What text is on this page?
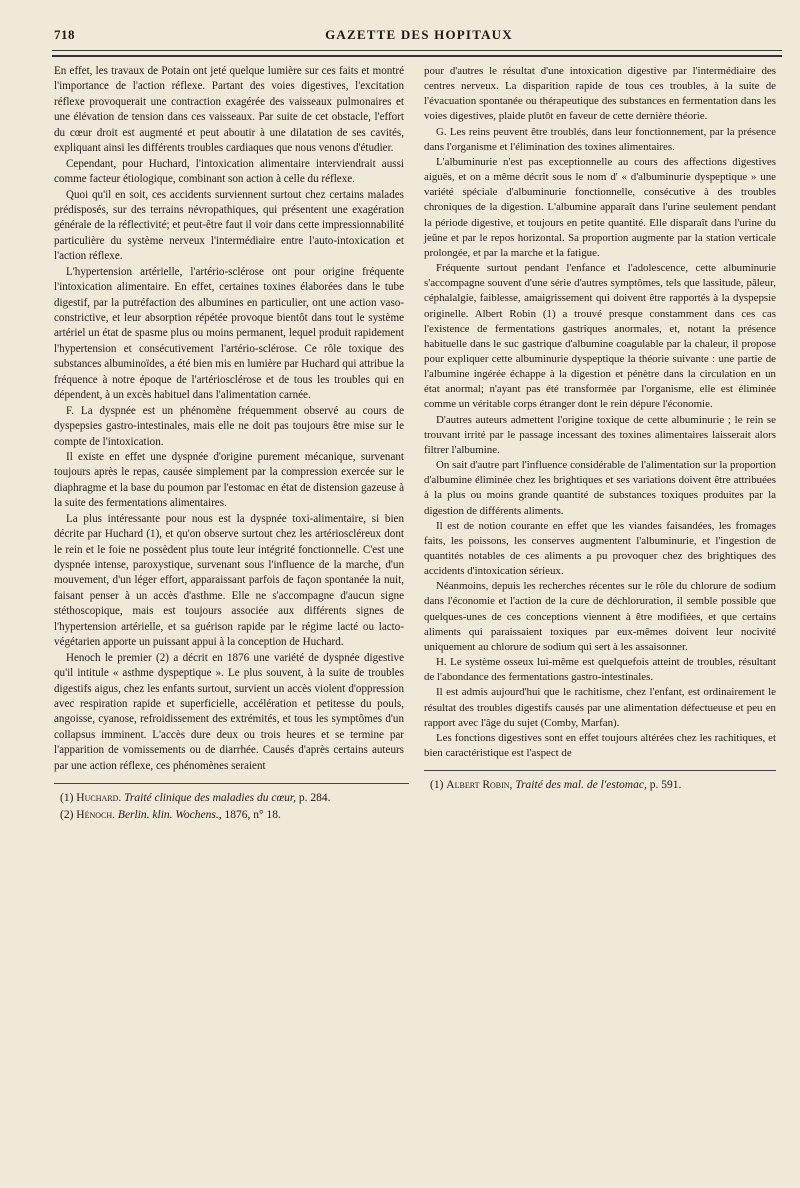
718	GAZETTE DES HOPITAUX

En effet, les travaux de Potain ont jeté quelque lumière sur ces faits et montré l'importance de l'action réflexe. Partant des voies digestives, l'excitation réflexe provoquerait une contraction exagérée des vaisseaux pulmonaires et une élévation de tension dans ces vaisseaux. Par suite de cet obstacle, l'effort du cœur droit est augmenté et peut aboutir à une dilatation de ses cavités, expliquant ainsi les différents troubles cardiaques que nous venons d'étudier.

Cependant, pour Huchard, l'intoxication alimentaire interviendrait aussi comme facteur étiologique, combinant son action à celle du réflexe.

Quoi qu'il en soit, ces accidents surviennent surtout chez certains malades prédisposés, sur des terrains névropathiques, qui présentent une exagération générale de la réflectivité; et peut-être faut il voir dans cette impressionnabilité particulière du système nerveux l'intermédiaire entre l'auto-intoxication et l'action réflexe.

L'hypertension artérielle, l'artério-sclérose ont pour origine fréquente l'intoxication alimentaire. En effet, certaines toxines élaborées dans le tube digestif, par la putréfaction des albumines en particulier, ont une action vaso-constrictive, et leur absorption répétée provoque bientôt dans tout le système artériel un état de spasme plus ou moins permanent, lequel produit rapidement l'hypertension et consécutivement l'artério-sclérose. Ce rôle toxique des substances albuminoïdes, a été bien mis en lumière par Huchard qui attribue la fréquence à notre époque de l'artériosclérose et de tous les troubles qui en dépendent, à un excès habituel dans l'alimentation carnée.

F. La dyspnée est un phénomène fréquemment observé au cours de dyspepsies gastro-intestinales, mais elle ne doit pas toujours être mise sur le compte de l'intoxication.

Il existe en effet une dyspnée d'origine purement mécanique, survenant toujours après le repas, causée simplement par la compression exercée sur le diaphragme et la base du poumon par l'estomac en état de distension gazeuse à la suite des fermentations alimentaires.

La plus intéressante pour nous est la dyspnée toxi-alimentaire, si bien décrite par Huchard (1), et qu'on observe surtout chez les artérioscléreux dont le rein et le foie ne possèdent plus toute leur intégrité fonctionnelle. C'est une dyspnée intense, paroxystique, survenant sous l'influence de la marche, d'un mouvement, d'un léger effort, apparaissant parfois de façon spontanée la nuit, faisant penser à un accès d'asthme. Elle ne s'accompagne d'aucun signe stéthoscopique, mais est toujours associée aux différents signes de l'hypertension artérielle, et sa guérison rapide par le régime lacté ou lacto-végétarien apporte un puissant appui à la conception de Huchard.

Henoch le premier (2) a décrit en 1876 une variété de dyspnée digestive qu'il intitule « asthme dyspeptique ». Le plus souvent, à la suite de troubles digestifs aigus, chez les enfants surtout, survient un accès violent d'oppression avec respiration rapide et superficielle, accélération et petitesse du pouls, angoisse, cyanose, refroidissement des extrémités, et tous les symptômes d'un collapsus imminent. L'accès dure deux ou trois heures et se termine par l'apparition de vomissements ou de diarrhée. Causés d'après certains auteurs par une action réflexe, ces phénomènes seraient

(1) Huchard. Traité clinique des maladies du cœur, p. 284.
(2) Hénoch. Berlin. klin. Wochens., 1876, n° 18.

pour d'autres le résultat d'une intoxication digestive par l'intermédiaire des centres nerveux. La disparition rapide de tous ces troubles, à la suite de l'évacuation spontanée ou thérapeutique des substances en fermentation dans les voies digestives, plaide plutôt en faveur de cette dernière théorie.

G. Les reins peuvent être troublés, dans leur fonctionnement, par la présence dans l'organisme et l'élimination des toxines alimentaires.

L'albuminurie n'est pas exceptionnelle au cours des affections digestives aiguës, et on a même décrit sous le nom d' « d'albuminurie dyspeptique » une variété spéciale d'albuminurie fonctionnelle, consécutive à des troubles chroniques de la digestion. L'albumine apparaît dans l'urine seulement pendant la période digestive, et toujours en petite quantité. Elle disparaît dans l'urine du jeûne et par le repos horizontal. Sa proportion augmente par la station verticale prolongée, et par la marche et la fatigue.

Fréquente surtout pendant l'enfance et l'adolescence, cette albuminurie s'accompagne souvent d'une série d'autres symptômes, tels que lassitude, pâleur, céphalalgie, faiblesse, amaigrissement qui doivent être rapportés à la dyspepsie originelle. Albert Robin (1) a trouvé presque constamment dans ces cas l'existence de fermentations gastriques anormales, et, notant la présence habituelle dans le suc gastrique d'albumine coagulable par la chaleur, il propose pour expliquer cette albuminurie dyspeptique la théorie suivante : une partie de l'albumine ingérée échappe à la digestion et pénètre dans la circulation en un état anormal; n'ayant pas été transformée par l'organisme, elle est éliminée comme un véritable corps étranger dont le rein dépure l'économie.

D'autres auteurs admettent l'origine toxique de cette albuminurie ; le rein se trouvant irrité par le passage incessant des toxines alimentaires laisserait alors filtrer l'albumine.

On sait d'autre part l'influence considérable de l'alimentation sur la proportion d'albumine éliminée chez les brightiques et ses variations doivent être attribuées à la plus ou moins grande quantité de substances toxiques produites par la digestion de différents aliments.

Il est de notion courante en effet que les viandes faisandées, les fromages faits, les poissons, les conserves augmentent l'albuminurie, et l'ingestion de quantités notables de ces aliments a pu provoquer chez des brightiques des accidents d'intoxication sérieux.

Néanmoins, depuis les recherches récentes sur le rôle du chlorure de sodium dans l'économie et l'action de la cure de déchloruration, il semble possible que quelques-unes de ces conceptions viennent à être modifiées, et que certains aliments qui paraissaient toxiques par eux-mêmes doivent leur nocivité uniquement au chlorure de sodium qui sert à les assaisonner.

H. Le système osseux lui-même est quelquefois atteint de troubles, résultant de l'abondance des fermentations gastro-intestinales.

Il est admis aujourd'hui que le rachitisme, chez l'enfant, est ordinairement le résultat des troubles digestifs causés par une alimentation défectueuse et peu en rapport avec l'âge du sujet (Comby, Marfan).

Les fonctions digestives sont en effet toujours altérées chez les rachitiques, et bien caractéristique est l'aspect de

(1) Albert Robin, Traité des mal. de l'estomac, p. 591.
